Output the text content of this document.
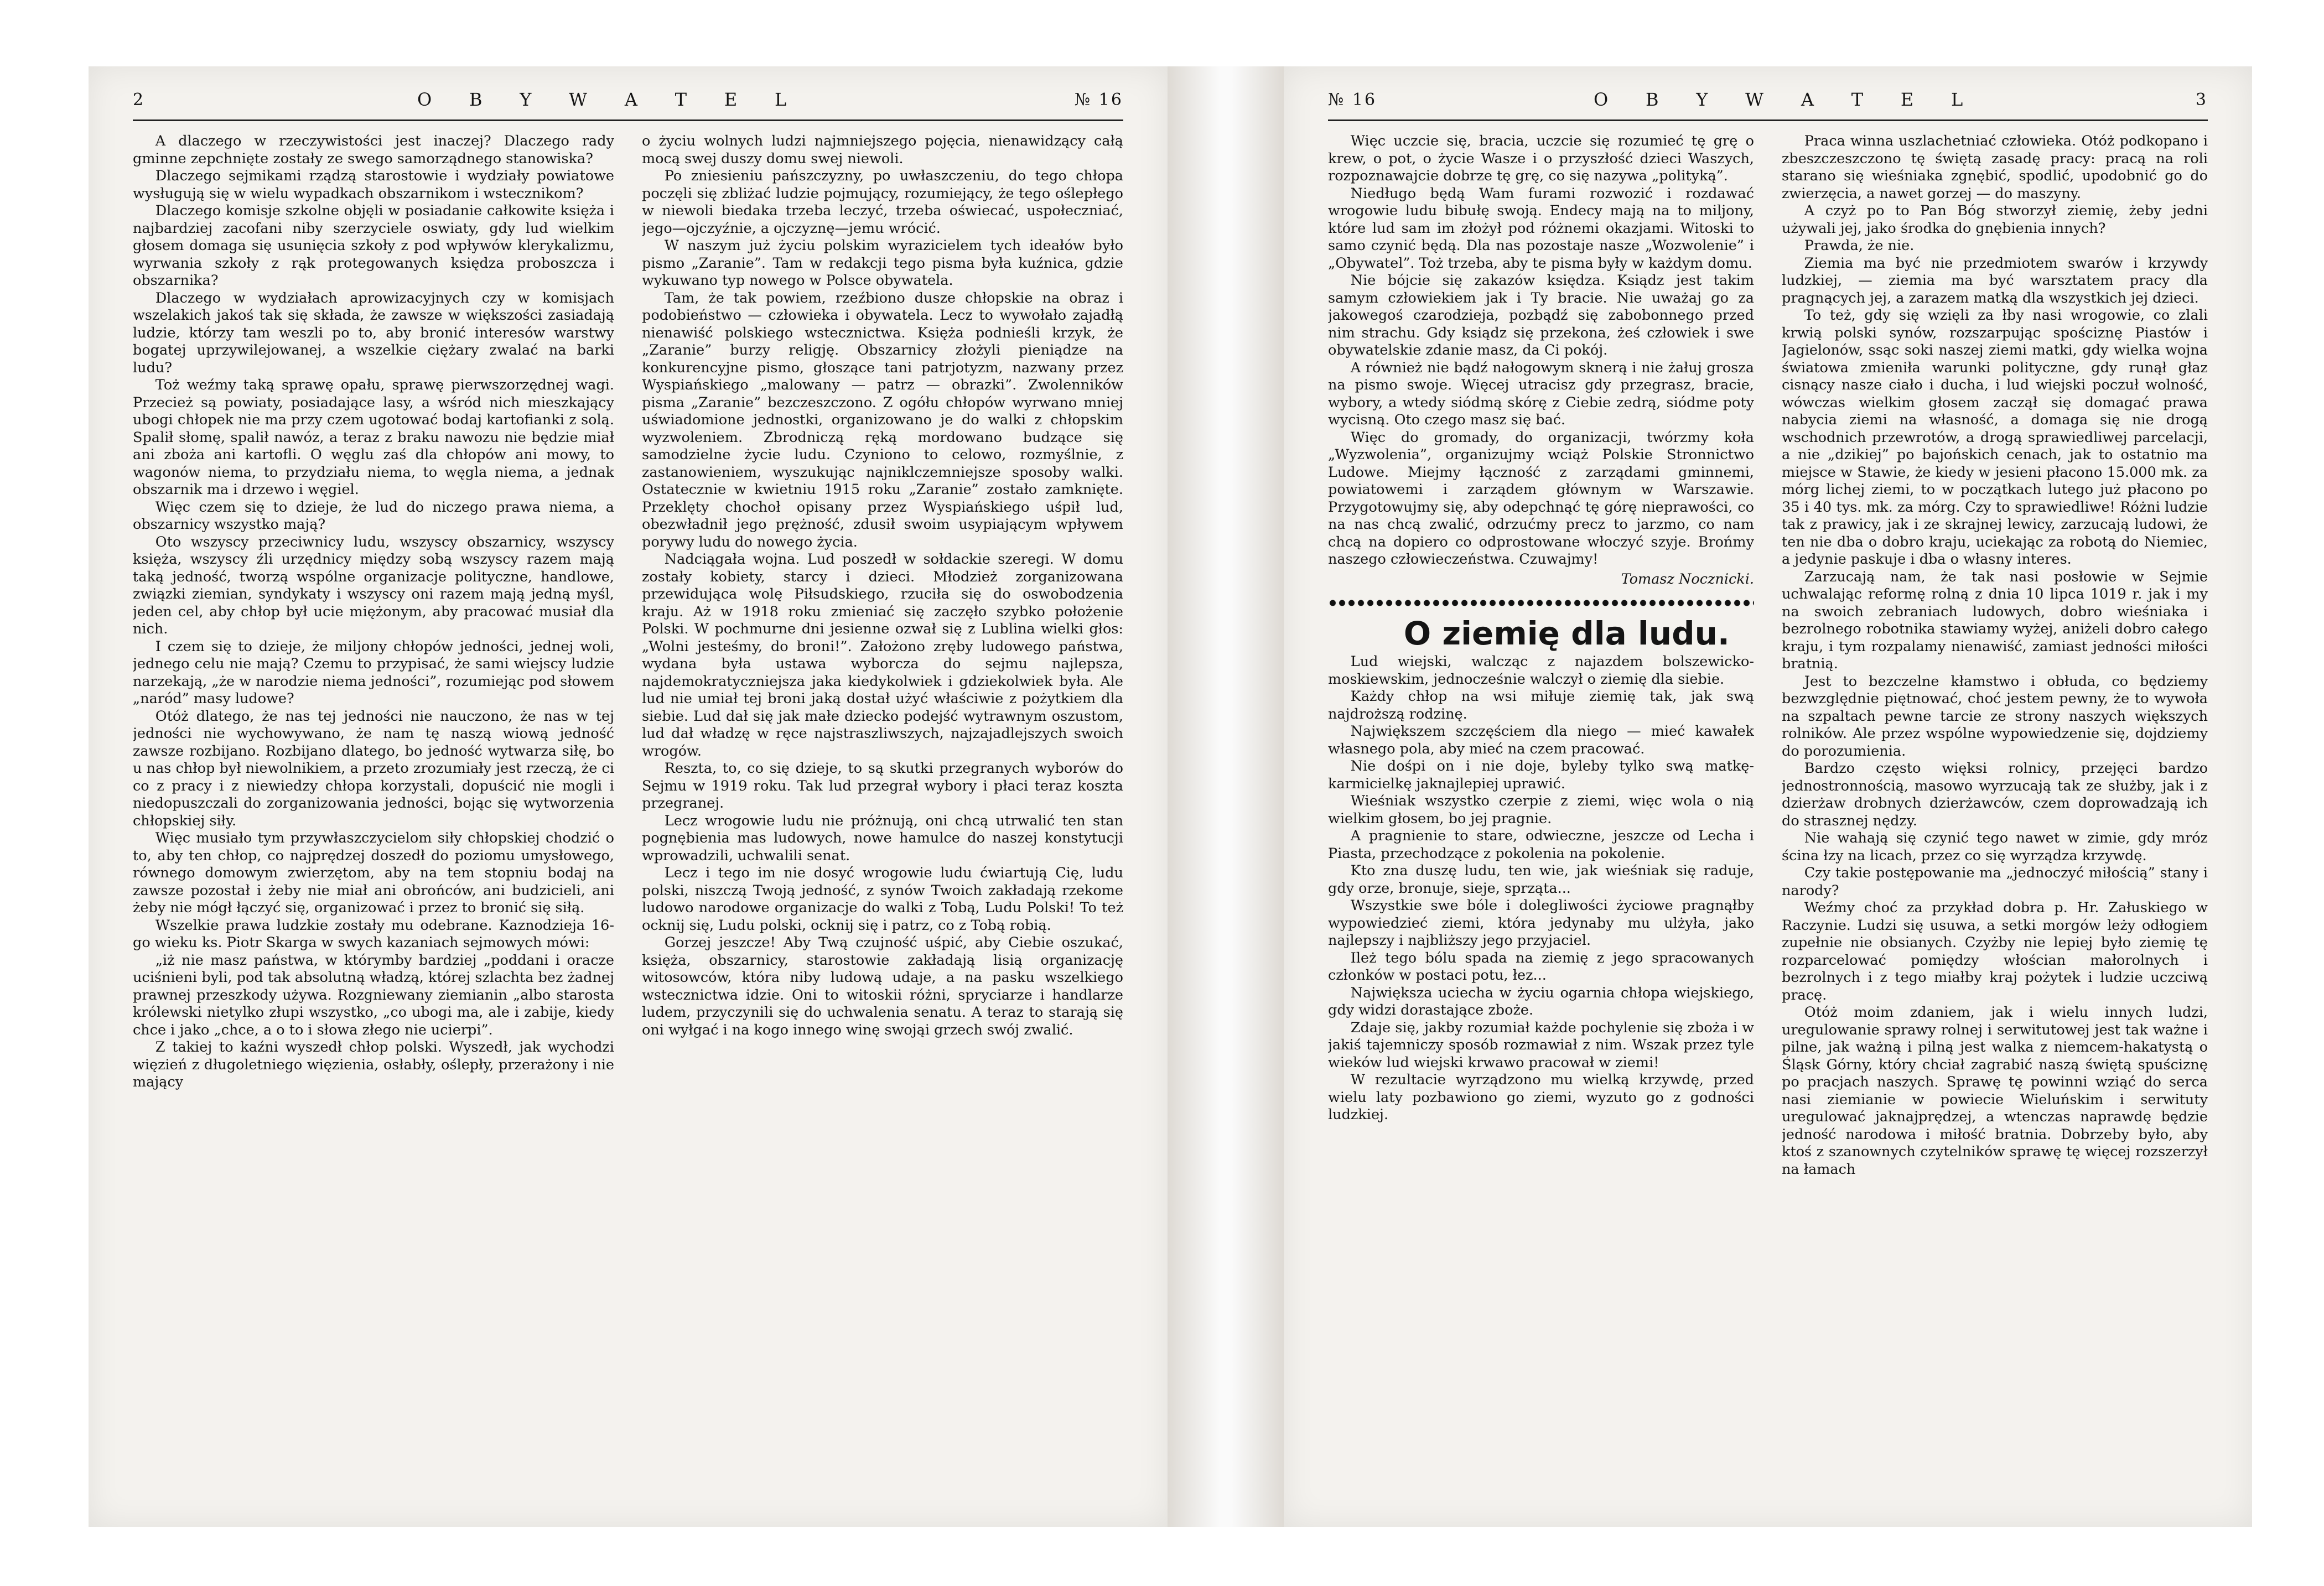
2	O B Y W A T E L	№ 16

A dlaczego w rzeczywistości jest inaczej? Dlaczego rady gminne zepchnięte zostały ze swego samorządnego stanowiska?

Dlaczego sejmikami rządzą starostowie i wydziały powiatowe wysługują się w wielu wypadkach obszarnikom i wstecznikom?

Dlaczego komisje szkolne objęli w posiadanie całkowite księża i najbardziej zacofani niby szerzyciele oswiaty, gdy lud wielkim głosem domaga się usunięcia szkoły z pod wpływów klerykalizmu, wyrwania szkoły z rąk protegowanych księdza proboszcza i obszarnika?

Dlaczego w wydziałach aprowizacyjnych czy w komisjach wszelakich jakoś tak się składa, że zawsze w większości zasiadają ludzie, którzy tam weszli po to, aby bronić interesów warstwy bogatej uprzywilejowanej, a wszelkie ciężary zwalać na barki ludu?

Toż weźmy taką sprawę opału, sprawę pierwszorzędnej wagi. Przecież są powiaty, posiadające lasy, a wśród nich mieszkający ubogi chłopek nie ma przy czem ugotować bodaj kartofianki z solą. Spalił słomę, spalił nawóz, a teraz z braku nawozu nie będzie miał ani zboża ani kartofli. O węglu zaś dla chłopów ani mowy, to wagonów niema, to przydziału niema, to węgla niema, a jednak obszarnik ma i drzewo i węgiel.

Więc czem się to dzieje, że lud do niczego prawa niema, a obszarnicy wszystko mają?

Oto wszyscy przeciwnicy ludu, wszyscy obszarnicy, wszyscy księża, wszyscy źli urzędnicy między sobą wszyscy razem mają taką jedność, tworzą wspólne organizacje polityczne, handlowe, związki ziemian, syndykaty i wszyscy oni razem mają jedną myśl, jeden cel, aby chłop był ucie miężonym, aby pracować musiał dla nich.

I czem się to dzieje, że miljony chłopów jedności, jednej woli, jednego celu nie mają? Czemu to przypisać, że sami wiejscy ludzie narzekają, „że w narodzie niema jedności”, rozumiejąc pod słowem „naród” masy ludowe?

Otóż dlatego, że nas tej jedności nie nauczono, że nas w tej jedności nie wychowywano, że nam tę naszą wiową jedność zawsze rozbijano. Rozbijano dlatego, bo jedność wytwarza siłę, bo u nas chłop był niewolnikiem, a przeto zrozumiały jest rzeczą, że ci co z pracy i z niewiedzy chłopa korzystali, dopuścić nie mogli i niedopuszczali do zorganizowania jedności, bojąc się wytworzenia chłopskiej siły.

Więc musiało tym przywłaszczycielom siły chłopskiej chodzić o to, aby ten chłop, co najprędzej doszedł do poziomu umysłowego, równego domowym zwierzętom, aby na tem stopniu bodaj na zawsze pozostał i żeby nie miał ani obrońców, ani budzicieli, ani żeby nie mógł łączyć się, organizować i przez to bronić się siłą.

Wszelkie prawa ludzkie zostały mu odebrane. Kaznodzieja 16-go wieku ks. Piotr Skarga w swych kazaniach sejmowych mówi:

„iż nie masz państwa, w którymby bardziej „poddani i oracze uciśnieni byli, pod tak absolutną władzą, której szlachta bez żadnej prawnej przeszkody używa. Rozgniewany ziemianin „albo starosta królewski nietylko złupi wszystko, „co ubogi ma, ale i zabije, kiedy chce i jako „chce, a o to i słowa złego nie ucierpi”.

Z takiej to kaźni wyszedł chłop polski. Wyszedł, jak wychodzi więzień z długoletniego więzienia, osłabły, oślepły, przerażony i nie mający

o życiu wolnych ludzi najmniejszego pojęcia, nienawidzący całą mocą swej duszy domu swej niewoli.

Po zniesieniu pańszczyzny, po uwłaszczeniu, do tego chłopa poczęli się zbliżać ludzie pojmujący, rozumiejący, że tego oślepłego w niewoli biedaka trzeba leczyć, trzeba oświecać, uspołeczniać, jego—ojczyźnie, a ojczyznę—jemu wrócić.

W naszym już życiu polskim wyrazicielem tych ideałów było pismo „Zaranie”. Tam w redakcji tego pisma była kuźnica, gdzie wykuwano typ nowego w Polsce obywatela.

Tam, że tak powiem, rzeźbiono dusze chłopskie na obraz i podobieństwo — człowieka i obywatela. Lecz to wywołało zajadłą nienawiść polskiego wstecznictwa. Księża podnieśli krzyk, że „Zaranie” burzy religję. Obszarnicy złożyli pieniądze na konkurencyjne pismo, głoszące tani patrjotyzm, nazwany przez Wyspiańskiego „malowany — patrz — obrazki”. Zwolenników pisma „Zaranie” bezczeszczono. Z ogółu chłopów wyrwano mniej uświadomione jednostki, organizowano je do walki z chłopskim wyzwoleniem. Zbrodniczą ręką mordowano budzące się samodzielne życie ludu. Czyniono to celowo, rozmyślnie, z zastanowieniem, wyszukując najniklczemniejsze sposoby walki. Ostatecznie w kwietniu 1915 roku „Zaranie” zostało zamknięte. Przeklęty chochoł opisany przez Wyspiańskiego uśpił lud, obezwładnił jego prężność, zdusił swoim usypiającym wpływem porywy ludu do nowego życia.

Nadciągała wojna. Lud poszedł w sołdackie szeregi. W domu zostały kobiety, starcy i dzieci. Młodzież zorganizowana przewidująca wolę Piłsudskiego, rzuciła się do oswobodzenia kraju. Aż w 1918 roku zmieniać się zaczęło szybko położenie Polski. W pochmurne dni jesienne ozwał się z Lublina wielki głos: „Wolni jesteśmy, do broni!”. Założono zręby ludowego państwa, wydana była ustawa wyborcza do sejmu najlepsza, najdemokratyczniejsza jaka kiedykolwiek i gdziekolwiek była. Ale lud nie umiał tej broni jaką dostał użyć właściwie z pożytkiem dla siebie. Lud dał się jak małe dziecko podejść wytrawnym oszustom, lud dał władzę w ręce najstraszliwszych, najzajadlejszych swoich wrogów.

Reszta, to, co się dzieje, to są skutki przegranych wyborów do Sejmu w 1919 roku. Tak lud przegrał wybory i płaci teraz koszta przegranej.

Lecz wrogowie ludu nie próżnują, oni chcą utrwalić ten stan pognębienia mas ludowych, nowe hamulce do naszej konstytucji wprowadzili, uchwalili senat.

Lecz i tego im nie dosyć wrogowie ludu ćwiartują Cię, ludu polski, niszczą Twoją jedność, z synów Twoich zakładają rzekome ludowo narodowe organizacje do walki z Tobą, Ludu Polski! To też ocknij się, Ludu polski, ocknij się i patrz, co z Tobą robią.

Gorzej jeszcze! Aby Twą czujność uśpić, aby Ciebie oszukać, księża, obszarnicy, starostowie zakładają lisią organizację witosowców, która niby ludową udaje, a na pasku wszelkiego wstecznictwa idzie. Oni to witoskii różni, spryciarze i handlarze ludem, przyczynili się do uchwalenia senatu. A teraz to starają się oni wyłgać i na kogo innego winę swojąi grzech swój zwalić.

№ 16	O B Y W A T E L	3

Więc uczcie się, bracia, uczcie się rozumieć tę grę o krew, o pot, o życie Wasze i o przyszłość dzieci Waszych, rozpoznawajcie dobrze tę grę, co się nazywa „polityką”.

Niedługo będą Wam furami rozwozić i rozdawać wrogowie ludu bibułę swoją. Endecy mają na to miljony, które lud sam im złożył pod różnemi okazjami. Witoski to samo czynić będą. Dla nas pozostaje nasze „Wozwolenie” i „Obywatel”. Toż trzeba, aby te pisma były w każdym domu.

Nie bójcie się zakazów księdza. Ksiądz jest takim samym człowiekiem jak i Ty bracie. Nie uważaj go za jakowegoś czarodzieja, pozbądź się zabobonnego przed nim strachu. Gdy ksiądz się przekona, żeś człowiek i swe obywatelskie zdanie masz, da Ci pokój.

A również nie bądź nałogowym sknerą i nie żałuj grosza na pismo swoje. Więcej utracisz gdy przegrasz, bracie, wybory, a wtedy siódmą skórę z Ciebie zedrą, siódme poty wycisną. Oto czego masz się bać.

Więc do gromady, do organizacji, twórzmy koła „Wyzwolenia”, organizujmy wciąż Polskie Stronnictwo Ludowe. Miejmy łączność z zarządami gminnemi, powiatowemi i zarządem głównym w Warszawie. Przygotowujmy się, aby odepchnąć tę górę nieprawości, co na nas chcą zwalić, odrzućmy precz to jarzmo, co nam chcą na dopiero co odprostowane włoczyć szyje. Brońmy naszego człowieczeństwa. Czuwajmy!

Tomasz Nocznicki.

O ziemię dla ludu.

Lud wiejski, walcząc z najazdem bolszewicko-moskiewskim, jednocześnie walczył o ziemię dla siebie.

Każdy chłop na wsi miłuje ziemię tak, jak swą najdroższą rodzinę.

Największem szczęściem dla niego — mieć kawałek własnego pola, aby mieć na czem pracować.

Nie dośpi on i nie doje, byleby tylko swą matkę-karmicielkę jaknajlepiej uprawić.

Wieśniak wszystko czerpie z ziemi, więc wola o nią wielkim głosem, bo jej pragnie.

A pragnienie to stare, odwieczne, jeszcze od Lecha i Piasta, przechodzące z pokolenia na pokolenie.

Kto zna duszę ludu, ten wie, jak wieśniak się raduje, gdy orze, bronuje, sieje, sprząta...

Wszystkie swe bóle i dolegliwości życiowe pragnąłby wypowiedzieć ziemi, która jedynaby mu ulżyła, jako najlepszy i najbliższy jego przyjaciel.

Ileż tego bólu spada na ziemię z jego spracowanych członków w postaci potu, łez...

Największa uciecha w życiu ogarnia chłopa wiejskiego, gdy widzi dorastające zboże.

Zdaje się, jakby rozumiał każde pochylenie się zboża i w jakiś tajemniczy sposób rozmawiał z nim. Wszak przez tyle wieków lud wiejski krwawo pracował w ziemi!

W rezultacie wyrządzono mu wielką krzywdę, przed wielu laty pozbawiono go ziemi, wyzuto go z godności ludzkiej.

Praca winna uszlachetniać człowieka. Otóż podkopano i zbeszczeszczono tę świętą zasadę pracy: pracą na roli starano się wieśniaka zgnębić, spodlić, upodobnić go do zwierzęcia, a nawet gorzej — do maszyny.

A czyż po to Pan Bóg stworzył ziemię, żeby jedni używali jej, jako środka do gnębienia innych?

Prawda, że nie.

Ziemia ma być nie przedmiotem swarów i krzywdy ludzkiej, — ziemia ma być warsztatem pracy dla pragnących jej, a zarazem matką dla wszystkich jej dzieci.

To też, gdy się wzięli za łby nasi wrogowie, co zlali krwią polski synów, rozszarpując spościznę Piastów i Jagielonów, ssąc soki naszej ziemi matki, gdy wielka wojna światowa zmieniła warunki polityczne, gdy runął głaz cisnący nasze ciało i ducha, i lud wiejski poczuł wolność, wówczas wielkim głosem zaczął się domagać prawa nabycia ziemi na własność, a domaga się nie drogą wschodnich przewrotów, a drogą sprawiedliwej parcelacji, a nie „dzikiej” po bajońskich cenach, jak to ostatnio ma miejsce w Stawie, że kiedy w jesieni płacono 15.000 mk. za mórg lichej ziemi, to w początkach lutego już płacono po 35 i 40 tys. mk. za mórg. Czy to sprawiedliwe! Różni ludzie tak z prawicy, jak i ze skrajnej lewicy, zarzucają ludowi, że ten nie dba o dobro kraju, uciekając za robotą do Niemiec, a jedynie paskuje i dba o własny interes.

Zarzucają nam, że tak nasi posłowie w Sejmie uchwalając reformę rolną z dnia 10 lipca 1019 r. jak i my na swoich zebraniach ludowych, dobro wieśniaka i bezrolnego robotnika stawiamy wyżej, aniżeli dobro całego kraju, i tym rozpalamy nienawiść, zamiast jedności miłości bratnią.

Jest to bezczelne kłamstwo i obłuda, co będziemy bezwzględnie piętnować, choć jestem pewny, że to wywoła na szpaltach pewne tarcie ze strony naszych większych rolników. Ale przez wspólne wypowiedzenie się, dojdziemy do porozumienia.

Bardzo często więksi rolnicy, przejęci bardzo jednostronnością, masowo wyrzucają tak ze służby, jak i z dzierżaw drobnych dzierżawców, czem doprowadzają ich do strasznej nędzy.

Nie wahają się czynić tego nawet w zimie, gdy mróz ścina łzy na licach, przez co się wyrządza krzywdę.

Czy takie postępowanie ma „jednoczyć miłością” stany i narody?

Weźmy choć za przykład dobra p. Hr. Załuskiego w Raczynie. Ludzi się usuwa, a setki morgów leży odłogiem zupełnie nie obsianych. Czyżby nie lepiej było ziemię tę rozparcelować pomiędzy włościan małorolnych i bezrolnych i z tego miałby kraj pożytek i ludzie uczciwą pracę.

Otóż moim zdaniem, jak i wielu innych ludzi, uregulowanie sprawy rolnej i serwitutowej jest tak ważne i pilne, jak ważną i pilną jest walka z niemcem-hakatystą o Śląsk Górny, który chciał zagrabić naszą świętą spuściznę po pracjach naszych. Sprawę tę powinni wziąć do serca nasi ziemianie w powiecie Wieluńskim i serwituty uregulować jaknajprędzej, a wtenczas naprawdę będzie jedność narodowa i miłość bratnia. Dobrzeby było, aby ktoś z szanownych czytelników sprawę tę więcej rozszerzył na łamach
